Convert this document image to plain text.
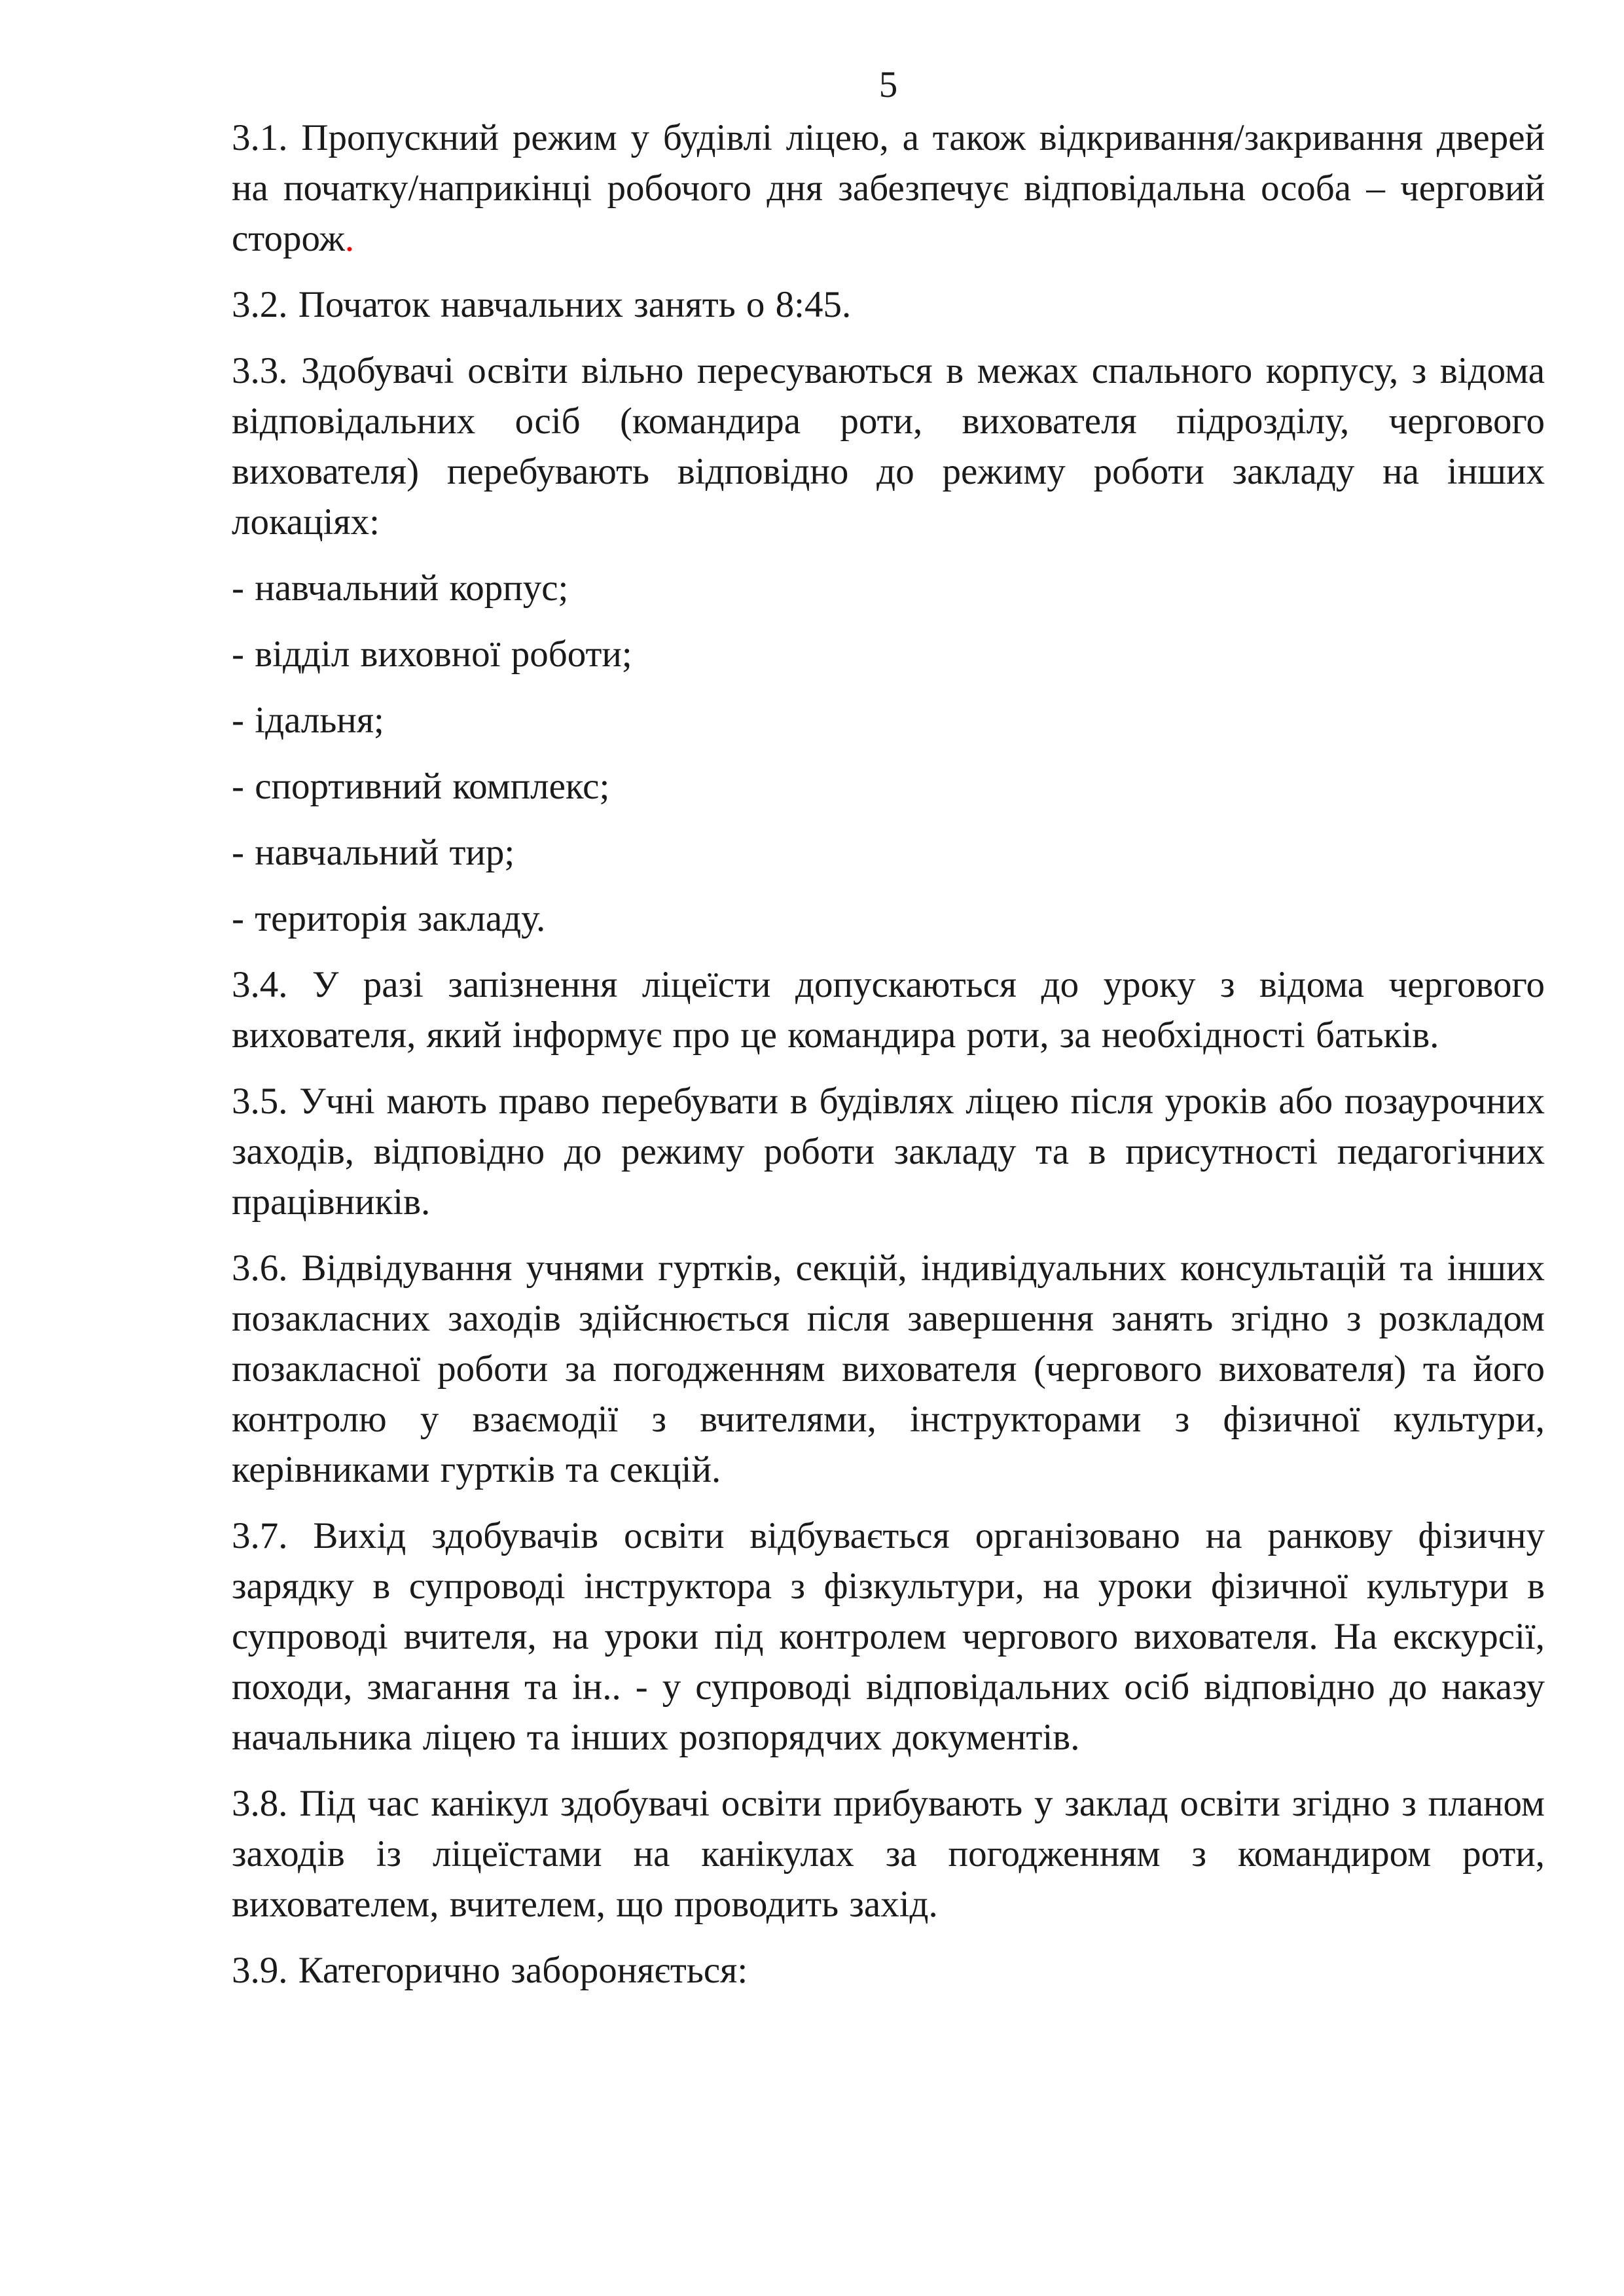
5

3.1. Пропускний режим у будівлі ліцею, а також відкривання/закривання дверей на початку/наприкінці робочого дня забезпечує відповідальна особа – черговий сторож.

3.2. Початок навчальних занять о 8:45.

3.3. Здобувачі освіти вільно пересуваються в межах спального корпусу, з відома відповідальних осіб (командира роти, вихователя підрозділу, чергового вихователя) перебувають відповідно до режиму роботи закладу на інших локаціях:

- навчальний корпус;

- відділ виховної роботи;

- ідальня;

- спортивний комплекс;

- навчальний тир;

- територія закладу.

3.4. У разі запізнення ліцеїсти допускаються до уроку з відома чергового вихователя, який інформує про це командира роти, за необхідності батьків.

3.5. Учні мають право перебувати в будівлях ліцею після уроків або позаурочних заходів, відповідно до режиму роботи закладу та в присутності педагогічних працівників.

3.6. Відвідування учнями гуртків, секцій, індивідуальних консультацій та інших позакласних заходів здійснюється після завершення занять згідно з розкладом позакласної роботи за погодженням вихователя (чергового вихователя) та його контролю у взаємодії з вчителями, інструкторами з фізичної культури, керівниками гуртків та секцій.

3.7. Вихід здобувачів освіти відбувається організовано на ранкову фізичну зарядку в супроводі інструктора з фізкультури, на уроки фізичної культури в супроводі вчителя, на уроки під контролем чергового вихователя. На екскурсії, походи, змагання та ін.. - у супроводі відповідальних осіб відповідно до наказу начальника ліцею та інших розпорядчих документів.

3.8. Під час канікул здобувачі освіти прибувають у заклад освіти згідно з планом заходів із ліцеїстами на канікулах за погодженням з командиром роти, вихователем, вчителем, що проводить захід.

3.9. Категорично забороняється:
